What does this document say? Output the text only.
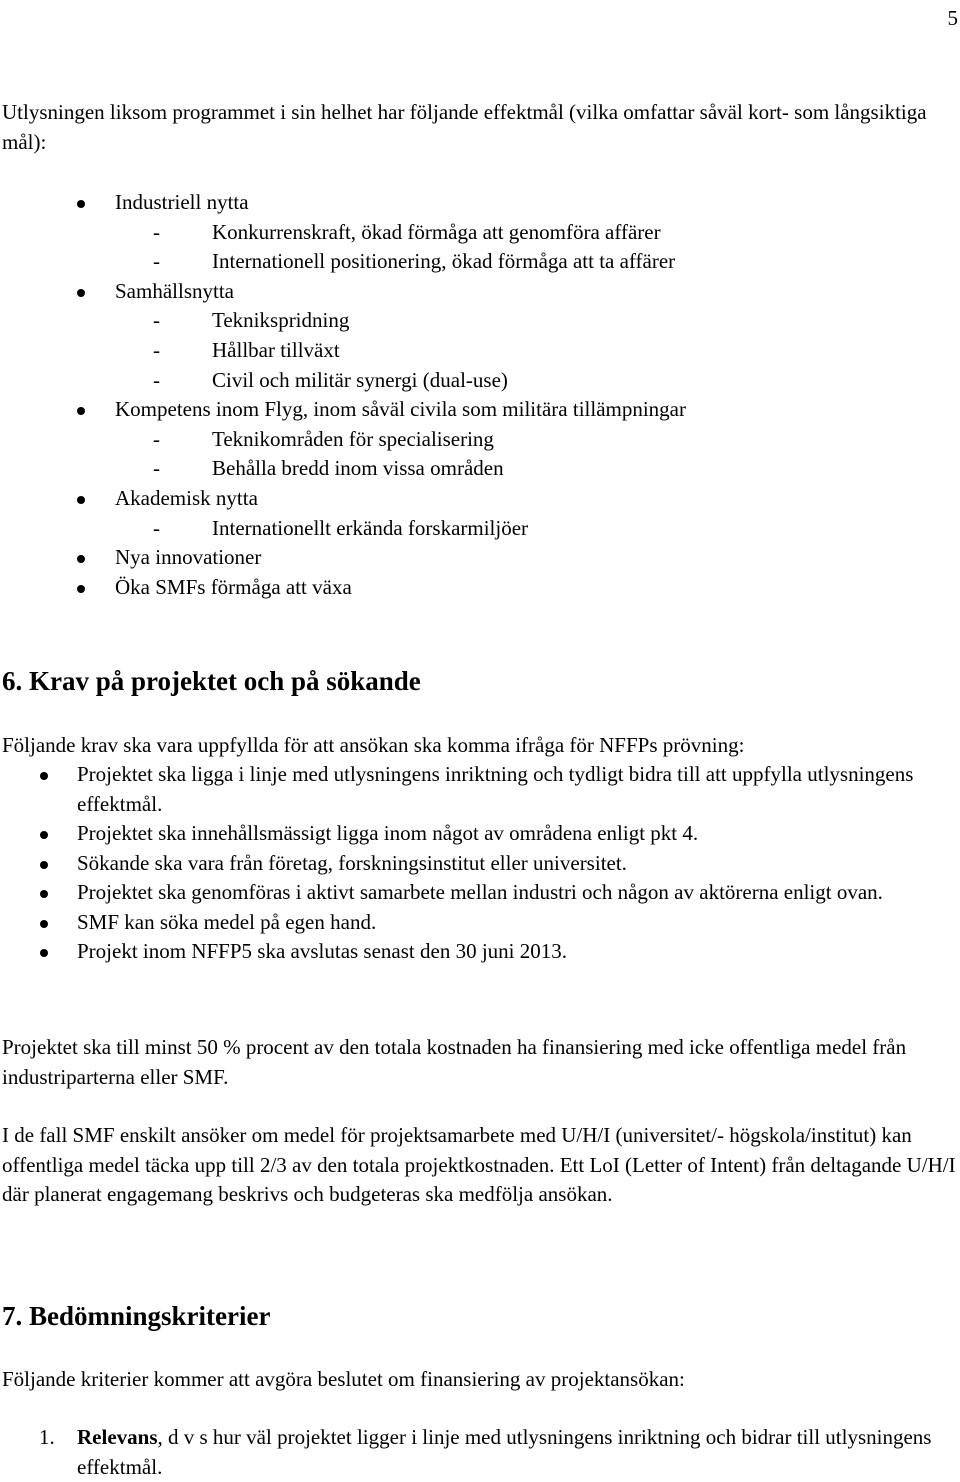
5

Utlysningen liksom programmet i sin helhet har följande effektmål (vilka omfattar såväl kort- som långsiktiga mål):

Industriell nytta
- Konkurrenskraft, ökad förmåga att genomföra affärer
- Internationell positionering, ökad förmåga att ta affärer
Samhällsnytta
- Teknikspridning
- Hållbar tillväxt
- Civil och militär synergi (dual-use)
Kompetens inom Flyg, inom såväl civila som militära tillämpningar
- Teknikområden för specialisering
- Behålla bredd inom vissa områden
Akademisk nytta
- Internationellt erkända forskarmiljöer
Nya innovationer
Öka SMFs förmåga att växa
6. Krav på projektet och på sökande

Följande krav ska vara uppfyllda för att ansökan ska komma ifråga för NFFPs prövning:

Projektet ska ligga i linje med utlysningens inriktning och tydligt bidra till att uppfylla utlysningens effektmål.
Projektet ska innehållsmässigt ligga inom något av områdena enligt pkt 4.
Sökande ska vara från företag, forskningsinstitut eller universitet.
Projektet ska genomföras i aktivt samarbete mellan industri och någon av aktörerna enligt ovan.
SMF kan söka medel på egen hand.
Projekt inom NFFP5 ska avslutas senast den 30 juni 2013.

Projektet ska till minst 50 % procent av den totala kostnaden ha finansiering med icke offentliga medel från industriparterna eller SMF.

I de fall SMF enskilt ansöker om medel för projektsamarbete med U/H/I (universitet/- högskola/institut) kan offentliga medel täcka upp till 2/3 av den totala projektkostnaden. Ett LoI (Letter of Intent) från deltagande U/H/I där planerat engagemang beskrivs och budgeteras ska medfölja ansökan.

7. Bedömningskriterier

Följande kriterier kommer att avgöra beslutet om finansiering av projektansökan:

1. Relevans, d v s hur väl projektet ligger i linje med utlysningens inriktning och bidrar till utlysningens effektmål.
